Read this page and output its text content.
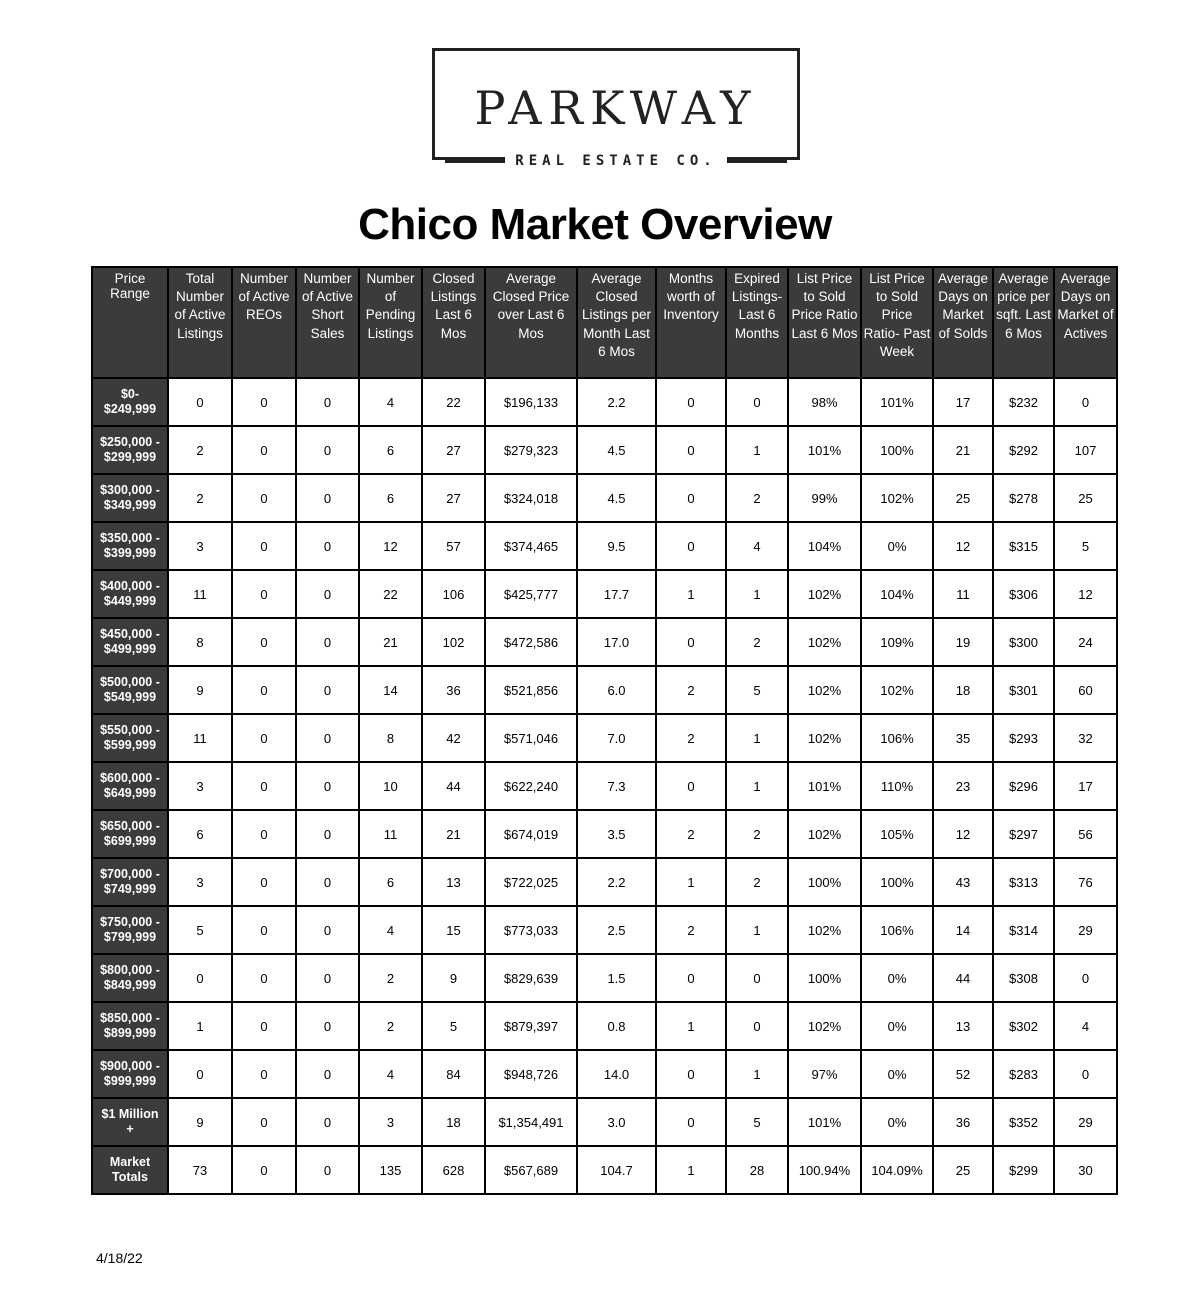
PARKWAY
REAL ESTATE CO.
Chico Market Overview
Price Range	Total Number of Active Listings	Number of Active REOs	Number of Active Short Sales	Number of Pending Listings	Closed Listings Last 6 Mos	Average Closed Price over Last 6 Mos	Average Closed Listings per Month Last 6 Mos	Months worth of Inventory	Expired Listings- Last 6 Months	List Price to Sold Price Ratio Last 6 Mos	List Price to Sold Price Ratio- Past Week	Average Days on Market of Solds	Average price per sqft. Last 6 Mos	Average Days on Market of Actives

$0- $249,999	0	0	0	4	22	$196,133	2.2	0	0	98%	101%	17	$232	0

$250,000 - $299,999	2	0	0	6	27	$279,323	4.5	0	1	101%	100%	21	$292	107

$300,000 - $349,999	2	0	0	6	27	$324,018	4.5	0	2	99%	102%	25	$278	25

$350,000 - $399,999	3	0	0	12	57	$374,465	9.5	0	4	104%	0%	12	$315	5

$400,000 - $449,999	11	0	0	22	106	$425,777	17.7	1	1	102%	104%	11	$306	12

$450,000 - $499,999	8	0	0	21	102	$472,586	17.0	0	2	102%	109%	19	$300	24

$500,000 - $549,999	9	0	0	14	36	$521,856	6.0	2	5	102%	102%	18	$301	60

$550,000 - $599,999	11	0	0	8	42	$571,046	7.0	2	1	102%	106%	35	$293	32

$600,000 - $649,999	3	0	0	10	44	$622,240	7.3	0	1	101%	110%	23	$296	17

$650,000 - $699,999	6	0	0	11	21	$674,019	3.5	2	2	102%	105%	12	$297	56

$700,000 - $749,999	3	0	0	6	13	$722,025	2.2	1	2	100%	100%	43	$313	76

$750,000 - $799,999	5	0	0	4	15	$773,033	2.5	2	1	102%	106%	14	$314	29

$800,000 - $849,999	0	0	0	2	9	$829,639	1.5	0	0	100%	0%	44	$308	0

$850,000 - $899,999	1	0	0	2	5	$879,397	0.8	1	0	102%	0%	13	$302	4

$900,000 - $999,999	0	0	0	4	84	$948,726	14.0	0	1	97%	0%	52	$283	0

$1 Million +	9	0	0	3	18	$1,354,491	3.0	0	5	101%	0%	36	$352	29

Market Totals	73	0	0	135	628	$567,689	104.7	1	28	100.94%	104.09%	25	$299	30
4/18/22
